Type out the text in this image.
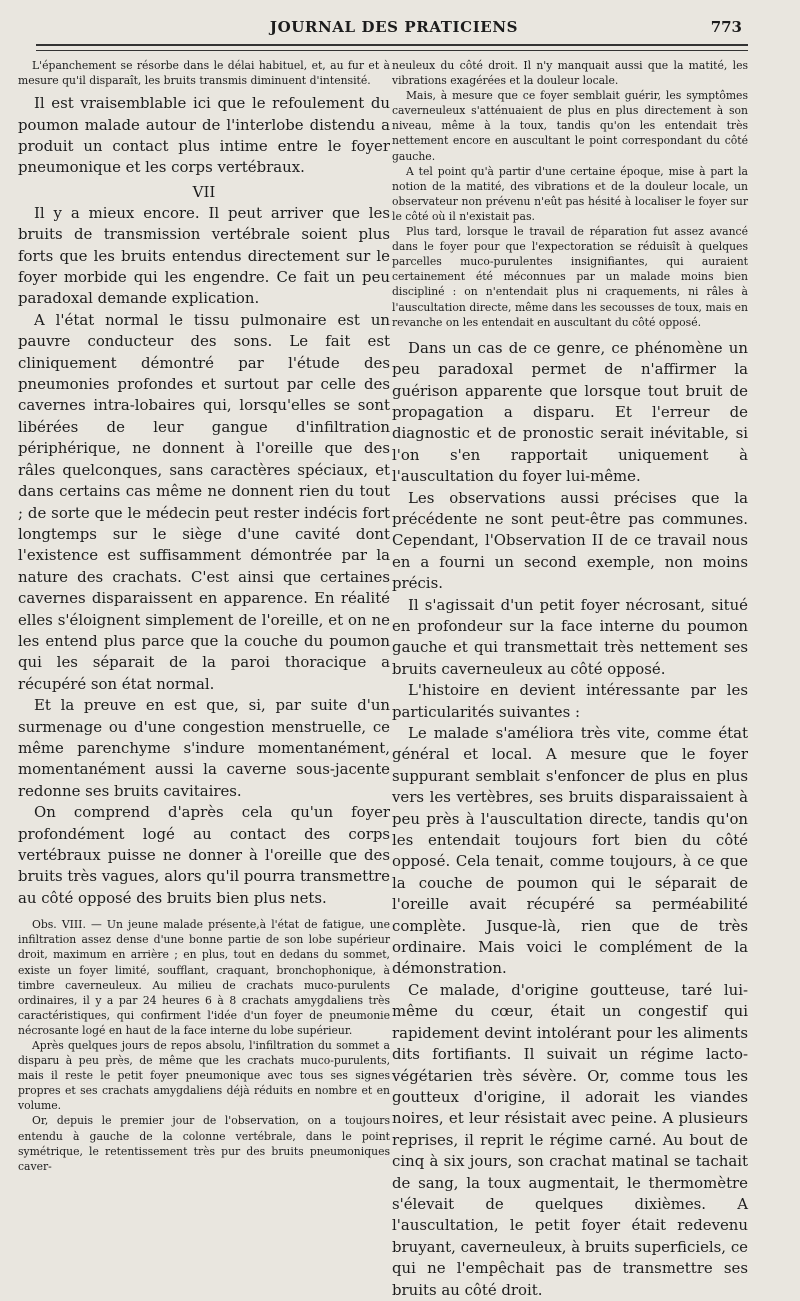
JOURNAL DES PRATICIENS	773

L'épanchement se résorbe dans le délai habituel, et, au fur et à mesure qu'il disparaît, les bruits transmis diminuent d'intensité.

Il est vraisemblable ici que le refoulement du poumon malade autour de l'interlobe distendu a produit un contact plus intime entre le foyer pneumonique et les corps vertébraux.

VII

Il y a mieux encore. Il peut arriver que les bruits de transmission vertébrale soient plus forts que les bruits entendus directement sur le foyer morbide qui les engendre. Ce fait un peu paradoxal demande explication.

A l'état normal le tissu pulmonaire est un pauvre conducteur des sons. Le fait est cliniquement démontré par l'étude des pneumonies profondes et surtout par celle des cavernes intra-lobaires qui, lorsqu'elles se sont libérées de leur gangue d'infiltration périphérique, ne donnent à l'oreille que des râles quelconques, sans caractères spéciaux, et dans certains cas même ne donnent rien du tout ; de sorte que le médecin peut rester indécis fort longtemps sur le siège d'une cavité dont l'existence est suffisamment démontrée par la nature des crachats. C'est ainsi que certaines cavernes disparaissent en apparence. En réalité elles s'éloignent simplement de l'oreille, et on ne les entend plus parce que la couche du poumon qui les séparait de la paroi thoracique a récupéré son état normal.

Et la preuve en est que, si, par suite d'un surmenage ou d'une congestion menstruelle, ce même parenchyme s'indure momentanément, momentanément aussi la caverne sous-jacente redonne ses bruits cavitaires.

On comprend d'après cela qu'un foyer profondément logé au contact des corps vertébraux puisse ne donner à l'oreille que des bruits très vagues, alors qu'il pourra transmettre au côté opposé des bruits bien plus nets.

Obs. VIII. — Un jeune malade présente,à l'état de fatigue, une infiltration assez dense d'une bonne partie de son lobe supérieur droit, maximum en arrière ; en plus, tout en dedans du sommet, existe un foyer limité, soufflant, craquant, bronchophonique, à timbre caverneuleux. Au milieu de crachats muco-purulents ordinaires, il y a par 24 heures 6 à 8 crachats amygdaliens très caractéristiques, qui confirment l'idée d'un foyer de pneumonie nécrosante logé en haut de la face interne du lobe supérieur.

Après quelques jours de repos absolu, l'infiltration du sommet a disparu à peu près, de même que les crachats muco-purulents, mais il reste le petit foyer pneumonique avec tous ses signes propres et ses crachats amygdaliens déjà réduits en nombre et en volume.

Or, depuis le premier jour de l'observation, on a toujours entendu à gauche de la colonne vertébrale, dans le point symétrique, le retentissement très pur des bruits pneumoniques caver-

neuleux du côté droit. Il n'y manquait aussi que la matité, les vibrations exagérées et la douleur locale.

Mais, à mesure que ce foyer semblait guérir, les symptômes caverneuleux s'atténuaient de plus en plus directement à son niveau, même à la toux, tandis qu'on les entendait très nettement encore en auscultant le point correspondant du côté gauche.

A tel point qu'à partir d'une certaine époque, mise à part la notion de la matité, des vibrations et de la douleur locale, un observateur non prévenu n'eût pas hésité à localiser le foyer sur le côté où il n'existait pas.

Plus tard, lorsque le travail de réparation fut assez avancé dans le foyer pour que l'expectoration se réduisît à quelques parcelles muco-purulentes insignifiantes, qui auraient certainement été méconnues par un malade moins bien discipliné : on n'entendait plus ni craquements, ni râles à l'auscultation directe, même dans les secousses de toux, mais en revanche on les entendait en auscultant du côté opposé.

Dans un cas de ce genre, ce phénomène un peu paradoxal permet de n'affirmer la guérison apparente que lorsque tout bruit de propagation a disparu. Et l'erreur de diagnostic et de pronostic serait inévitable, si l'on s'en rapportait uniquement à l'auscultation du foyer lui-même.

Les observations aussi précises que la précédente ne sont peut-être pas communes. Cependant, l'Observation II de ce travail nous en a fourni un second exemple, non moins précis.

Il s'agissait d'un petit foyer nécrosant, situé en profondeur sur la face interne du poumon gauche et qui transmettait très nettement ses bruits caverneuleux au côté opposé.

L'histoire en devient intéressante par les particularités suivantes :

Le malade s'améliora très vite, comme état général et local. A mesure que le foyer suppurant semblait s'enfoncer de plus en plus vers les vertèbres, ses bruits disparaissaient à peu près à l'auscultation directe, tandis qu'on les entendait toujours fort bien du côté opposé. Cela tenait, comme toujours, à ce que la couche de poumon qui le séparait de l'oreille avait récupéré sa perméabilité complète. Jusque-là, rien que de très ordinaire. Mais voici le complément de la démonstration.

Ce malade, d'origine goutteuse, taré lui-même du cœur, était un congestif qui rapidement devint intolérant pour les aliments dits fortifiants. Il suivait un régime lacto-végétarien très sévère. Or, comme tous les goutteux d'origine, il adorait les viandes noires, et leur résistait avec peine. A plusieurs reprises, il reprit le régime carné. Au bout de cinq à six jours, son crachat matinal se tachait de sang, la toux augmentait, le thermomètre s'élevait de quelques dixièmes. A l'auscultation, le petit foyer était redevenu bruyant, caverneuleux, à bruits superficiels, ce qui ne l'empêchait pas de transmettre ses bruits au côté droit.
